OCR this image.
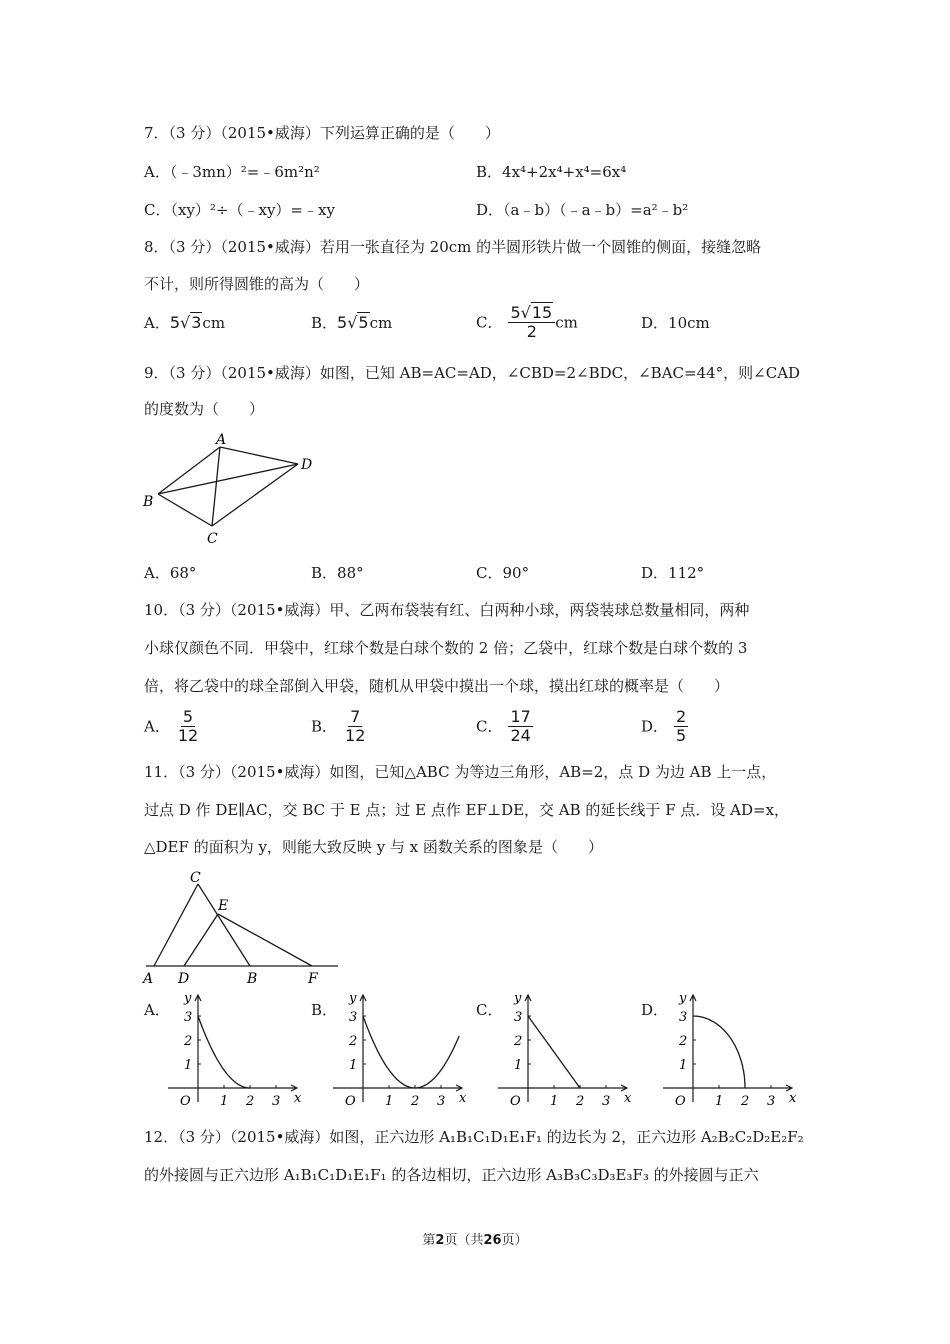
7．（3 分）（2015•威海）下列运算正确的是（　　）
A．（﹣3mn）²=﹣6m²n²	B．4x⁴+2x⁴+x⁴=6x⁴
C．（xy）²÷（﹣xy）=﹣xy	D．（a﹣b）（﹣a﹣b）=a²﹣b²
8．（3 分）（2015•威海）若用一张直径为 20cm 的半圆形铁片做一个圆锥的侧面，接缝忽略
不计，则所得圆锥的高为（　　）
A．5√3cm	B．5√5cm	C． $\frac{5√15}{2}$ cm	D．10cm
9．（3 分）（2015•威海）如图，已知 AB=AC=AD，∠CBD=2∠BDC，∠BAC=44°，则∠CAD
的度数为（　　）
A
B
C
D
A．68°	B．88°	C．90°	D．112°
10．（3 分）（2015•威海）甲、乙两布袋装有红、白两种小球，两袋装球总数量相同，两种
小球仅颜色不同．甲袋中，红球个数是白球个数的 2 倍；乙袋中，红球个数是白球个数的 3
倍，将乙袋中的球全部倒入甲袋，随机从甲袋中摸出一个球，摸出红球的概率是（　　）
A． $\frac{5}{12}$	B． $\frac{7}{12}$	C． $\frac{17}{24}$	D． $\frac{2}{5}$
11．（3 分）（2015•威海）如图，已知△ABC 为等边三角形，AB=2，点 D 为边 AB 上一点，
过点 D 作 DE∥AC，交 BC 于 E 点；过 E 点作 EF⊥DE，交 AB 的延长线于 F 点．设 AD=x，
△DEF 的面积为 y，则能大致反映 y 与 x 函数关系的图象是（　　）
C
E
A D	B	F
A．	B．	C．	D．
y
x
O 1 2 3
1
2
3
y
x
O 1 2 3
1
2
3
y
x
O 1 2 3
1
2
3
y
x
O 1 2 3
1
2
3
12．（3 分）（2015•威海）如图，正六边形 A₁B₁C₁D₁E₁F₁ 的边长为 2，正六边形 A₂B₂C₂D₂E₂F₂
的外接圆与正六边形 A₁B₁C₁D₁E₁F₁ 的各边相切，正六边形 A₃B₃C₃D₃E₃F₃ 的外接圆与正六
第2页（共26页）
